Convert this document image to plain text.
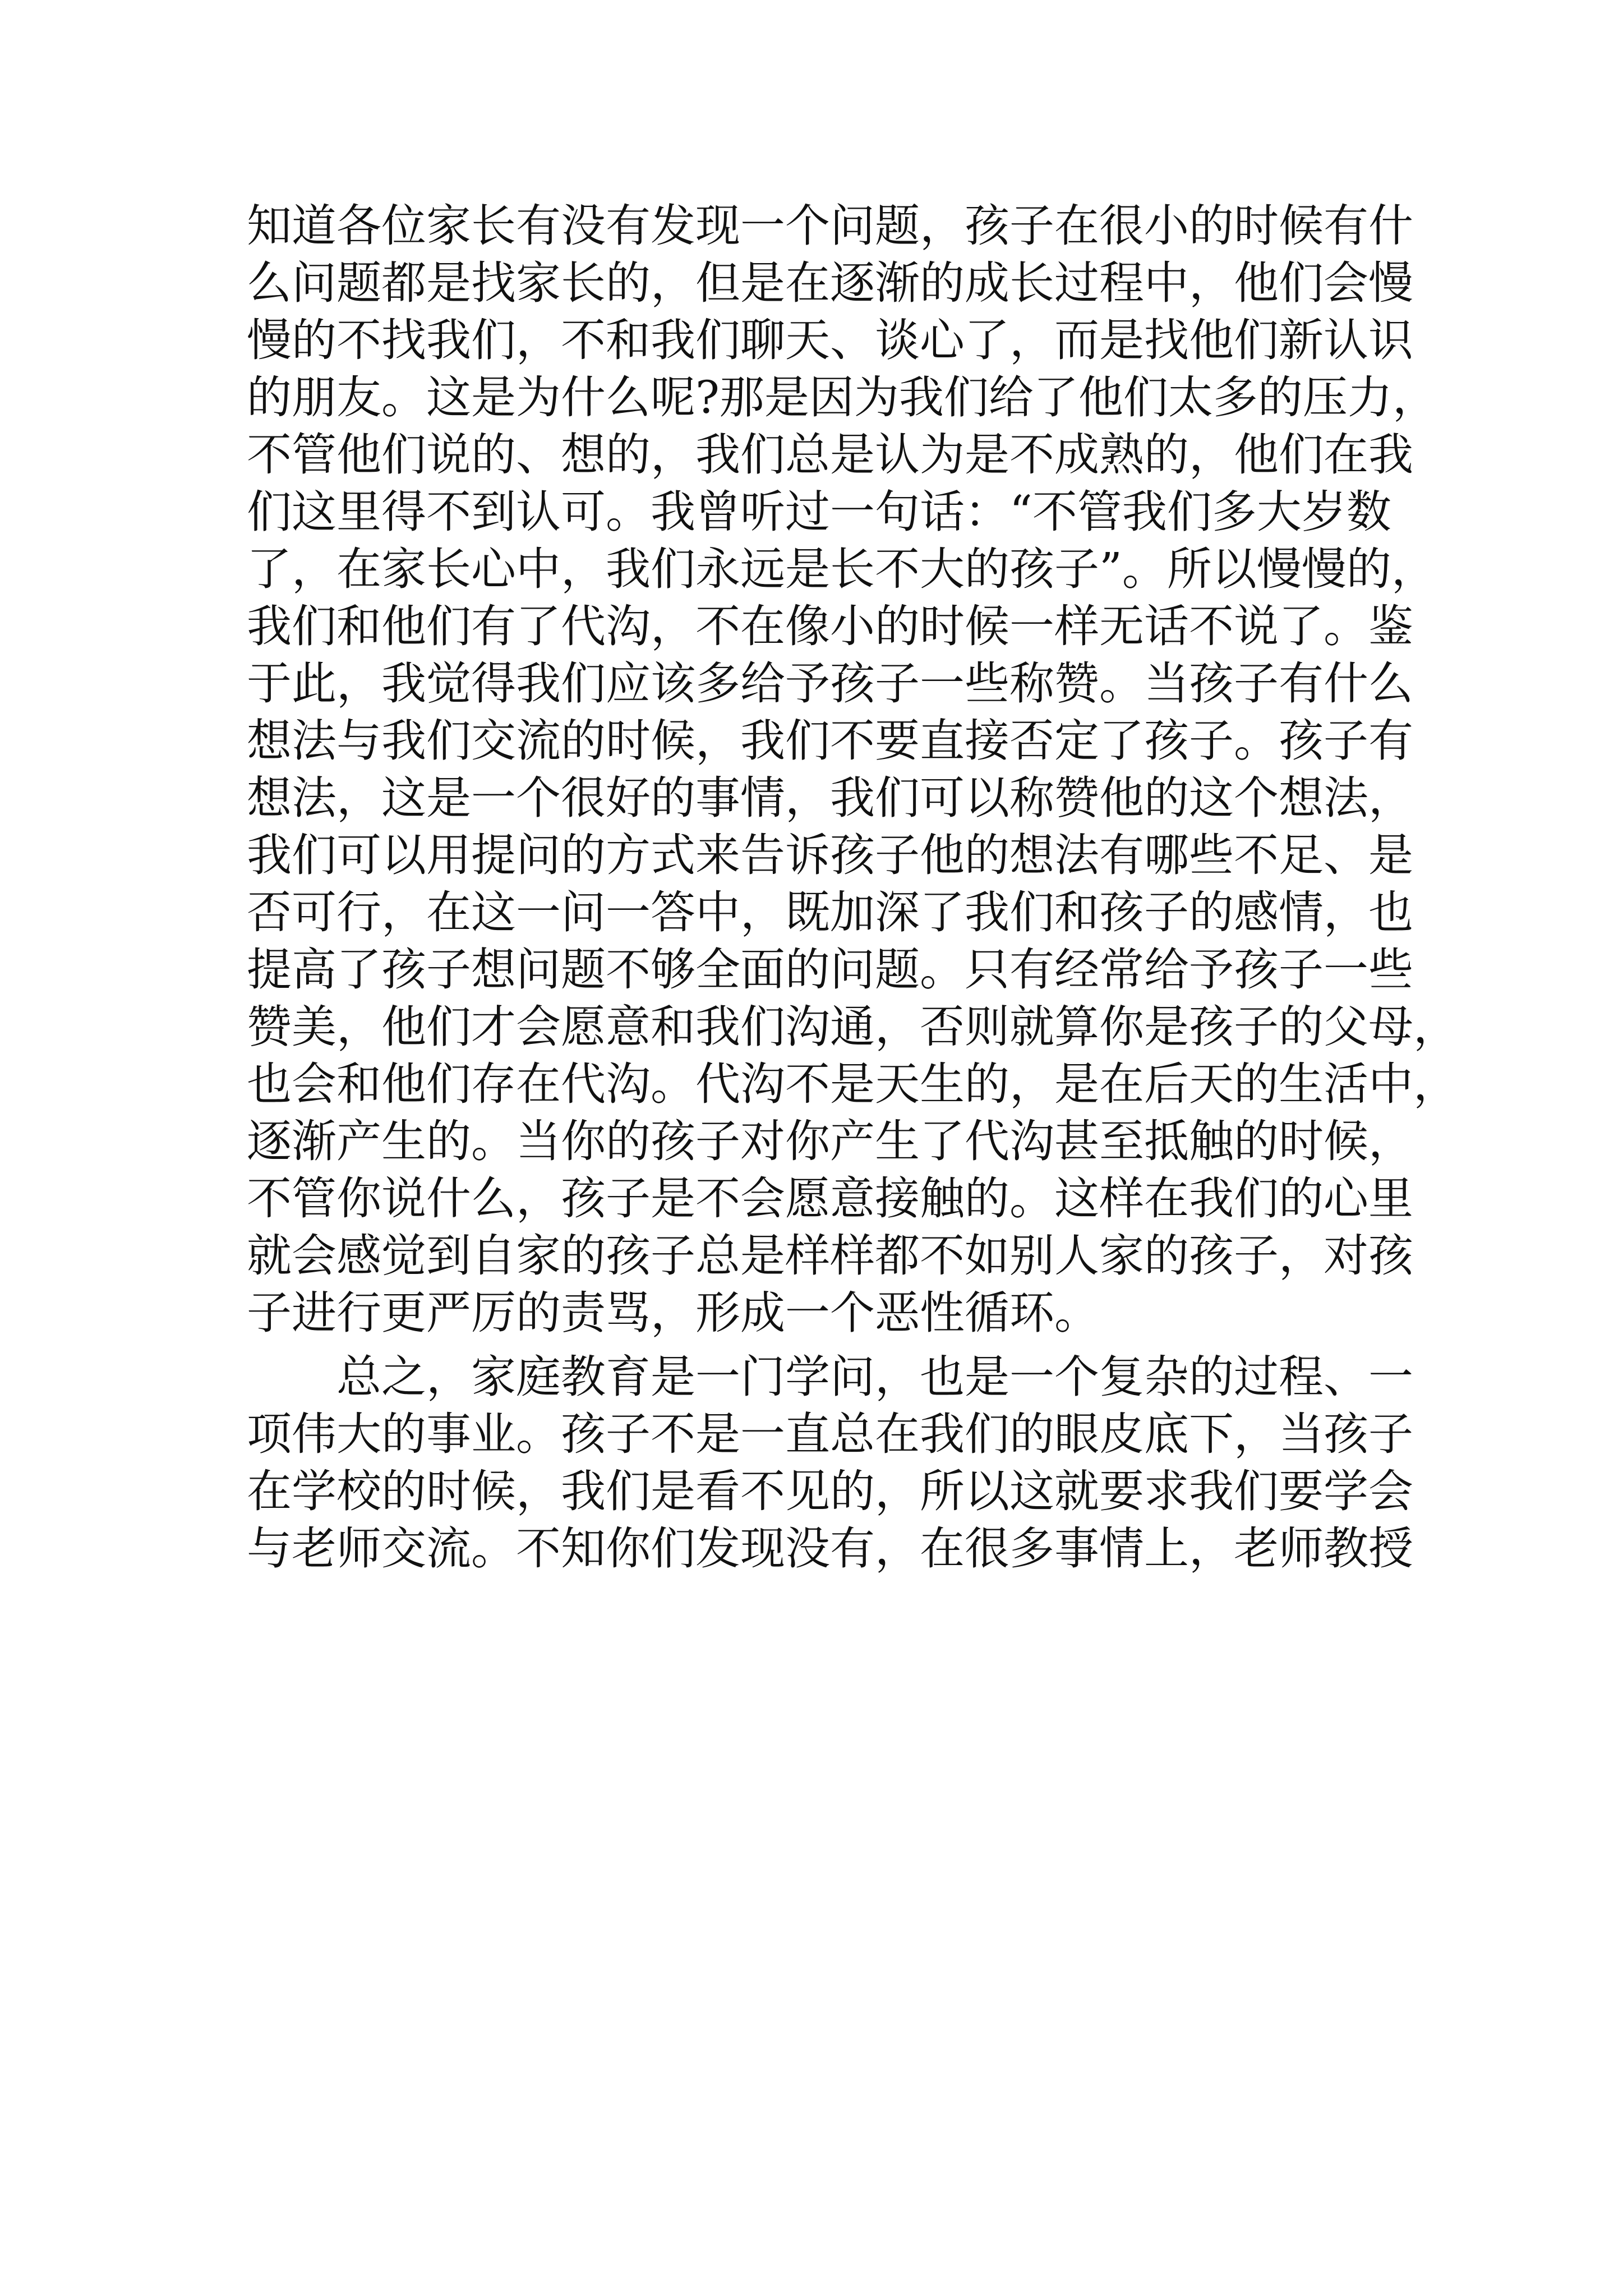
知道各位家长有没有发现一个问题，孩子在很小的时候有什
么问题都是找家长的，但是在逐渐的成长过程中，他们会慢
慢的不找我们，不和我们聊天、谈心了，而是找他们新认识
的朋友。这是为什么呢?那是因为我们给了他们太多的压力，
不管他们说的、想的，我们总是认为是不成熟的，他们在我
们这里得不到认可。我曾听过一句话：“不管我们多大岁数
了，在家长心中，我们永远是长不大的孩子”。所以慢慢的，
我们和他们有了代沟，不在像小的时候一样无话不说了。鉴
于此，我觉得我们应该多给予孩子一些称赞。当孩子有什么
想法与我们交流的时候，我们不要直接否定了孩子。孩子有
想法，这是一个很好的事情，我们可以称赞他的这个想法，
我们可以用提问的方式来告诉孩子他的想法有哪些不足、是
否可行，在这一问一答中，既加深了我们和孩子的感情，也
提高了孩子想问题不够全面的问题。只有经常给予孩子一些
赞美，他们才会愿意和我们沟通，否则就算你是孩子的父母，
也会和他们存在代沟。代沟不是天生的，是在后天的生活中，
逐渐产生的。当你的孩子对你产生了代沟甚至抵触的时候，
不管你说什么，孩子是不会愿意接触的。这样在我们的心里
就会感觉到自家的孩子总是样样都不如别人家的孩子，对孩
子进行更严厉的责骂，形成一个恶性循环。
总之，家庭教育是一门学问，也是一个复杂的过程、一
项伟大的事业。孩子不是一直总在我们的眼皮底下，当孩子
在学校的时候，我们是看不见的，所以这就要求我们要学会
与老师交流。不知你们发现没有，在很多事情上，老师教授
